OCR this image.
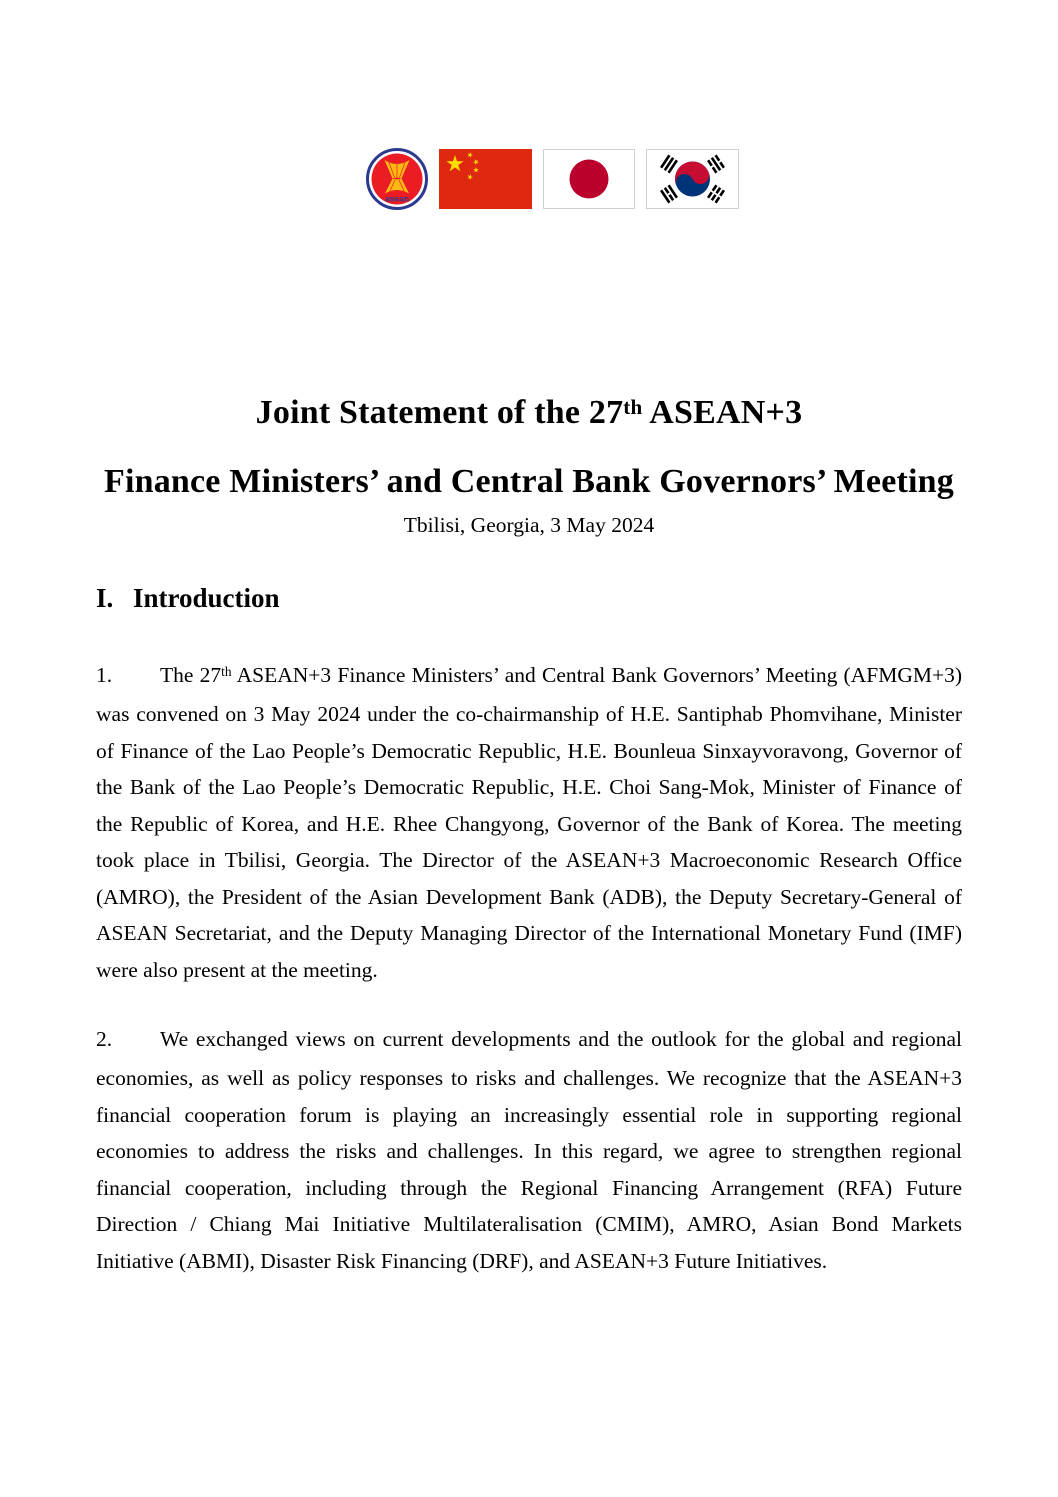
asean
Joint Statement of the 27th ASEAN+3
Finance Ministers’ and Central Bank Governors’ Meeting
Tbilisi, Georgia, 3 May 2024
I. Introduction

1. The 27th ASEAN+3 Finance Ministers’ and Central Bank Governors’ Meeting (AFMGM+3) was convened on 3 May 2024 under the co-chairmanship of H.E. Santiphab Phomvihane, Minister of Finance of the Lao People’s Democratic Republic, H.E. Bounleua Sinxayvoravong, Governor of the Bank of the Lao People’s Democratic Republic, H.E. Choi Sang-Mok, Minister of Finance of the Republic of Korea, and H.E. Rhee Changyong, Governor of the Bank of Korea. The meeting took place in Tbilisi, Georgia. The Director of the ASEAN+3 Macroeconomic Research Office (AMRO), the President of the Asian Development Bank (ADB), the Deputy Secretary-General of ASEAN Secretariat, and the Deputy Managing Director of the International Monetary Fund (IMF) were also present at the meeting.

2. We exchanged views on current developments and the outlook for the global and regional economies, as well as policy responses to risks and challenges. We recognize that the ASEAN+3 financial cooperation forum is playing an increasingly essential role in supporting regional economies to address the risks and challenges. In this regard, we agree to strengthen regional financial cooperation, including through the Regional Financing Arrangement (RFA) Future Direction / Chiang Mai Initiative Multilateralisation (CMIM), AMRO, Asian Bond Markets Initiative (ABMI), Disaster Risk Financing (DRF), and ASEAN+3 Future Initiatives.
